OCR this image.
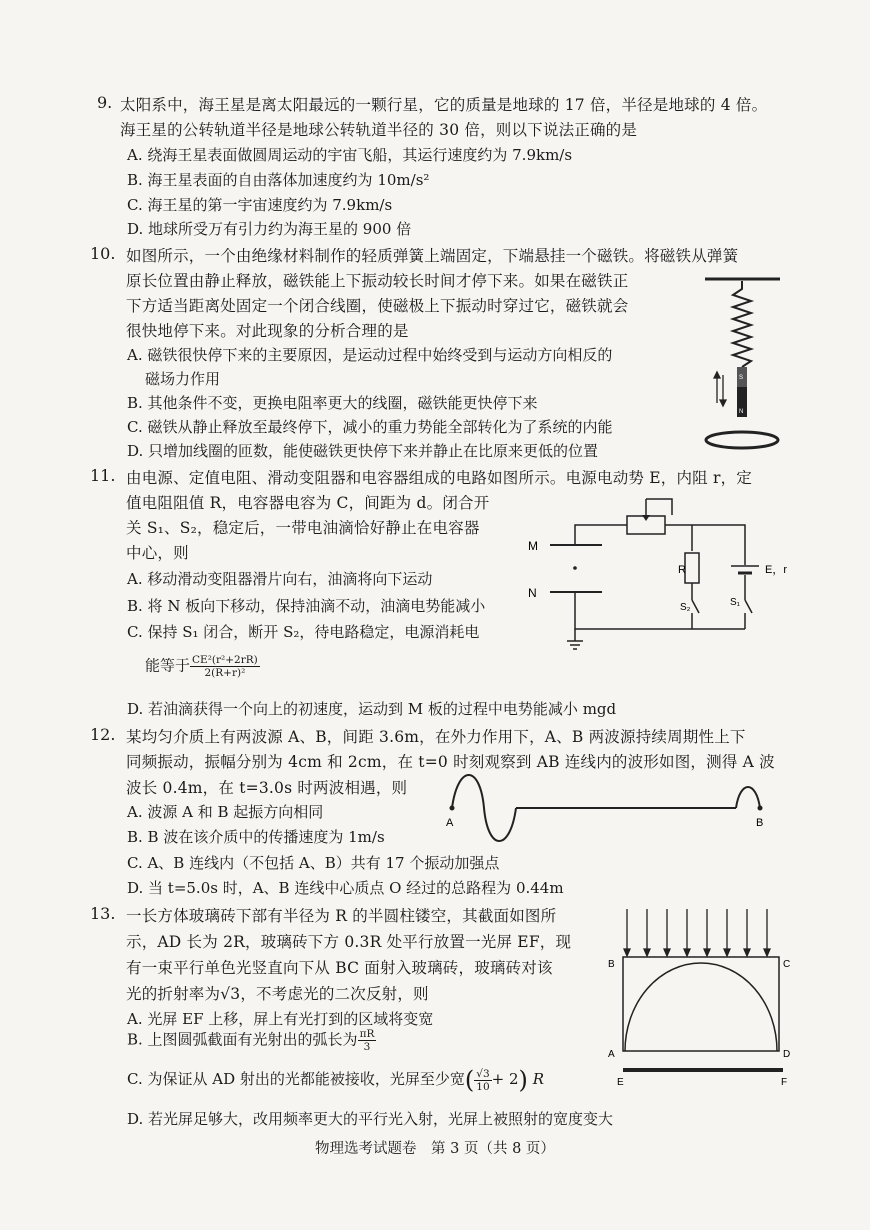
9. 太阳系中，海王星是离太阳最远的一颗行星，它的质量是地球的 17 倍，半径是地球的 4 倍。
海王星的公转轨道半径是地球公转轨道半径的 30 倍，则以下说法正确的是
A. 绕海王星表面做圆周运动的宇宙飞船，其运行速度约为 7.9km/s
B. 海王星表面的自由落体加速度约为 10m/s²
C. 海王星的第一宇宙速度约为 7.9km/s
D. 地球所受万有引力约为海王星的 900 倍
10. 如图所示，一个由绝缘材料制作的轻质弹簧上端固定，下端悬挂一个磁铁。将磁铁从弹簧
原长位置由静止释放，磁铁能上下振动较长时间才停下来。如果在磁铁正
下方适当距离处固定一个闭合线圈，使磁极上下振动时穿过它，磁铁就会
很快地停下来。对此现象的分析合理的是
A. 磁铁很快停下来的主要原因，是运动过程中始终受到与运动方向相反的
磁场力作用
B. 其他条件不变，更换电阻率更大的线圈，磁铁能更快停下来
C. 磁铁从静止释放至最终停下，减小的重力势能全部转化为了系统的内能
D. 只增加线圈的匝数，能使磁铁更快停下来并静止在比原来更低的位置
S
N
11. 由电源、定值电阻、滑动变阻器和电容器组成的电路如图所示。电源电动势 E，内阻 r，定
值电阻阻值 R，电容器电容为 C，间距为 d。闭合开
关 S₁、S₂，稳定后，一带电油滴恰好静止在电容器
中心，则
A. 移动滑动变阻器滑片向右，油滴将向下运动
B. 将 N 板向下移动，保持油滴不动，油滴电势能减小
C. 保持 S₁ 闭合，断开 S₂，待电路稳定，电源消耗电
能等于 $\frac{\text{CE²(r²+2rR)}}{\text{2(R+r)²}}$
D. 若油滴获得一个向上的初速度，运动到 M 板的过程中电势能减小 mgd
M
N
R	E，r
S₂	S₁
12. 某均匀介质上有两波源 A、B，间距 3.6m，在外力作用下，A、B 两波源持续周期性上下
同频振动，振幅分别为 4cm 和 2cm，在 t=0 时刻观察到 AB 连线内的波形如图，测得 A 波
波长 0.4m，在 t=3.0s 时两波相遇，则
A. 波源 A 和 B 起振方向相同
B. B 波在该介质中的传播速度为 1m/s
C. A、B 连线内（不包括 A、B）共有 17 个振动加强点
D. 当 t=5.0s 时，A、B 连线中心质点 O 经过的总路程为 0.44m
A	B
13. 一长方体玻璃砖下部有半径为 R 的半圆柱镂空，其截面如图所
示，AD 长为 2R，玻璃砖下方 0.3R 处平行放置一光屏 EF，现
有一束平行单色光竖直向下从 BC 面射入玻璃砖，玻璃砖对该
光的折射率为√3，不考虑光的二次反射，则
A. 光屏 EF 上移，屏上有光打到的区域将变宽
B. 上图圆弧截面有光射出的弧长为 $\frac{\pi R}{3}$
C. 为保证从 AD 射出的光都能被接收，光屏至少宽( $\frac{√3}{10} + 2$) R
D. 若光屏足够大，改用频率更大的平行光入射，光屏上被照射的宽度变大
B	C
A	D
E	F
物理选考试题卷　第 3 页（共 8 页）
